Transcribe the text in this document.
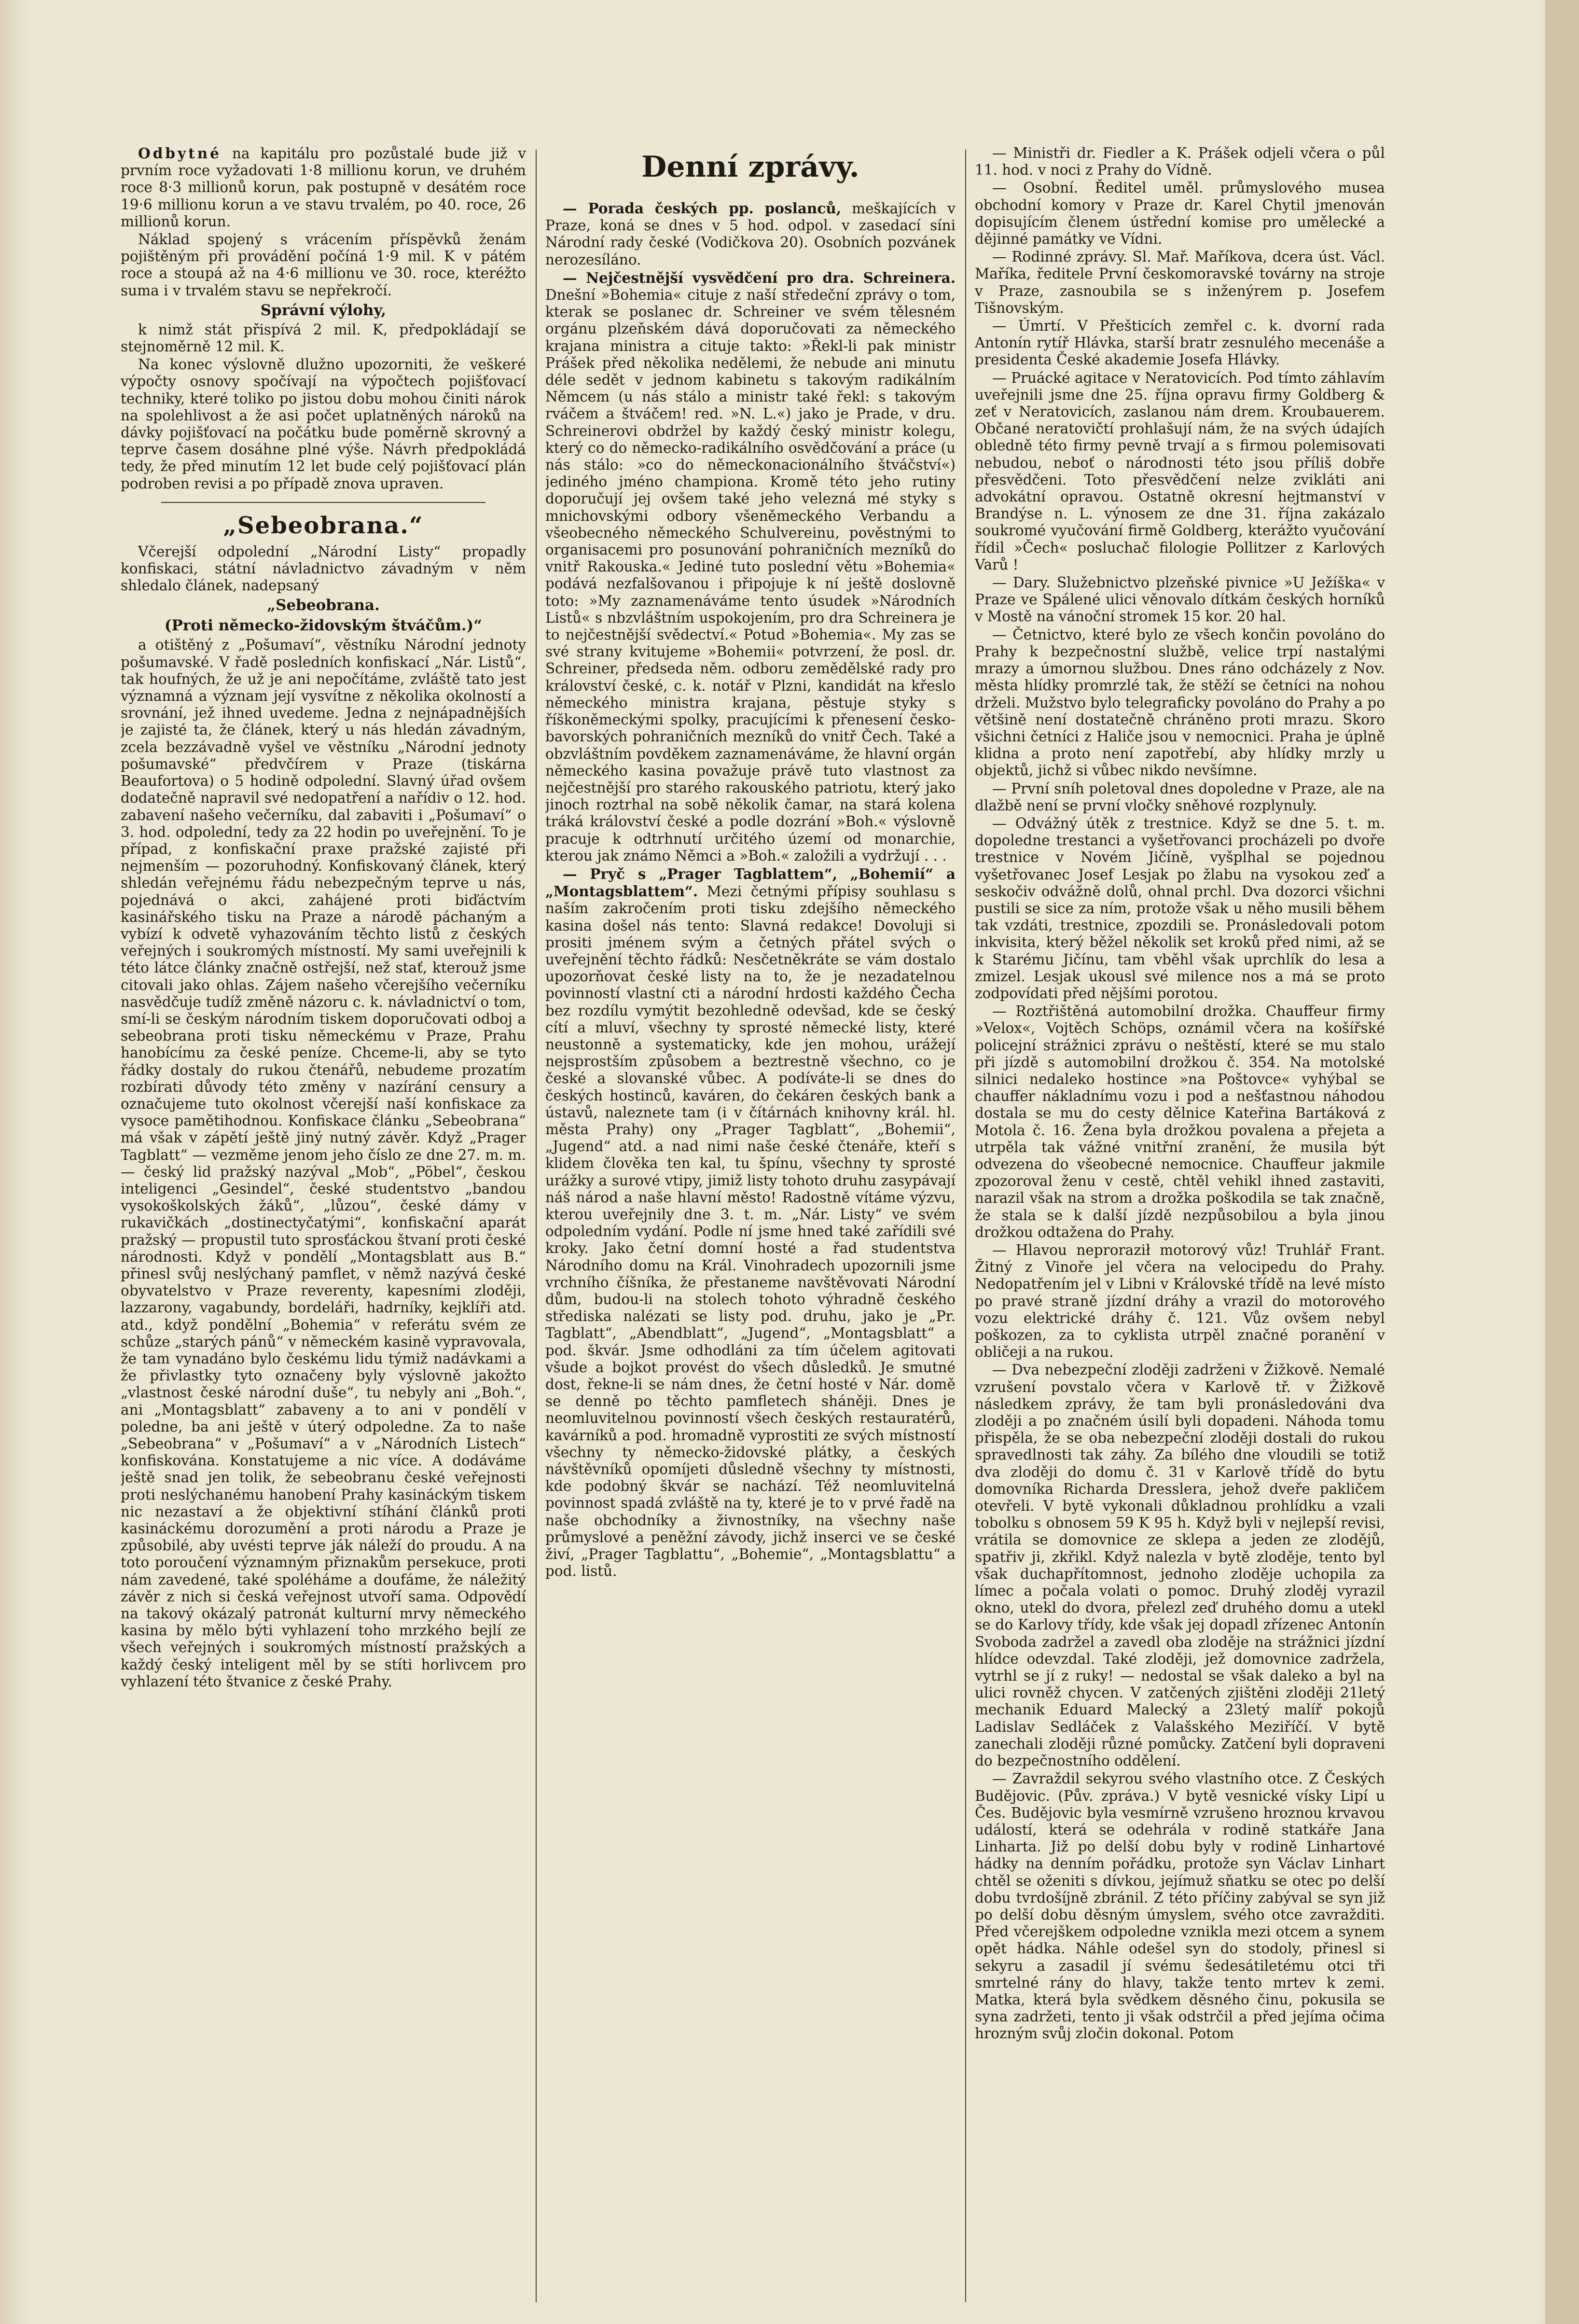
Odbytné na kapitálu pro pozůstalé bude již v prvním roce vyžadovati 1·8 millionu korun, ve druhém roce 8·3 millionů korun, pak postupně v desátém roce 19·6 millionu korun a ve stavu trvalém, po 40. roce, 26 millionů korun.

Náklad spojený s vrácením příspěvků ženám pojištěným při provádění počíná 1·9 mil. K v pátém roce a stoupá až na 4·6 millionu ve 30. roce, kteréžto suma i v trvalém stavu se nepřekročí.

Správní výlohy,

k nimž stát přispívá 2 mil. K, předpokládají se stejnoměrně 12 mil. K.

Na konec výslovně dlužno upozorniti, že veškeré výpočty osnovy spočívají na výpočtech pojišťovací techniky, které toliko po jistou dobu mohou činiti nárok na spolehlivost a že asi počet uplatněných nároků na dávky pojišťovací na počátku bude poměrně skrovný a teprve časem dosáhne plné výše. Návrh předpokládá tedy, že před minutím 12 let bude celý pojišťovací plán podroben revisi a po případě znova upraven.

„Sebeobrana.“

Včerejší odpolední „Národní Listy“ propadly konfiskaci, státní návladnictvo závadným v něm shledalo článek, nadepsaný

„Sebeobrana.
(Proti německo-židovským štváčům.)“

a otištěný z „Pošumaví“, věstníku Národní jednoty pošumavské. V řadě posledních konfiskací „Nár. Listů“, tak houfných, že už je ani nepočítáme, zvláště tato jest významná a význam její vysvítne z několika okolností a srovnání, jež ihned uvedeme. Jedna z nejnápadnějších je zajisté ta, že článek, který u nás hledán závadným, zcela bezzávadně vyšel ve věstníku „Národní jednoty pošumavské“ předvčírem v Praze (tiskárna Beaufortova) o 5 hodině odpolední. Slavný úřad ovšem dodatečně napravil své nedopatření a nařídiv o 12. hod. zabavení našeho večerníku, dal zabaviti i „Pošumaví“ o 3. hod. odpolední, tedy za 22 hodin po uveřejnění. To je případ, z konfiskační praxe pražské zajisté při nejmenším — pozoruhodný. Konfiskovaný článek, který shledán veřejnému řádu nebezpečným teprve u nás, pojednává o akci, zahájené proti biďáctvím kasinářského tisku na Praze a národě páchaným a vybízí k odvetě vyhazováním těchto listů z českých veřejných i soukromých místností. My sami uveřejnili k této látce články značně ostřejší, než stať, kterouž jsme citovali jako ohlas. Zájem našeho včerejšího večerníku nasvědčuje tudíž změně názoru c. k. návladnictví o tom, smí-li se českým národním tiskem doporučovati odboj a sebeobrana proti tisku německému v Praze, Prahu hanobícímu za české peníze. Chceme-li, aby se tyto řádky dostaly do rukou čtenářů, nebudeme prozatím rozbírati důvody této změny v nazírání censury a označujeme tuto okolnost včerejší naší konfiskace za vysoce pamětihodnou. Konfiskace článku „Sebeobrana“ má však v zápětí ještě jiný nutný závěr. Když „Prager Tagblatt“ — vezměme jenom jeho číslo ze dne 27. m. m. — český lid pražský nazýval „Mob“, „Pöbel“, českou inteligenci „Gesindel“, české studentstvo „bandou vysokoškolských žáků“, „lůzou“, české dámy v rukavičkách „dostinectyčatými“, konfiskační aparát pražský — propustil tuto sprosťáckou štvaní proti české národnosti. Když v pondělí „Montagsblatt aus B.“ přinesl svůj neslýchaný pamflet, v němž nazývá české obyvatelstvo v Praze reverenty, kapesními zloději, lazzarony, vagabundy, bordeláři, hadrníky, kejklíři atd. atd., když pondělní „Bohemia“ v referátu svém ze schůze „starých pánů“ v německém kasině vypravovala, že tam vynadáno bylo českému lidu týmiž nadávkami a že přivlastky tyto označeny byly výslovně jakožto „vlastnost české národní duše“, tu nebyly ani „Boh.“, ani „Montagsblatt“ zabaveny a to ani v pondělí v poledne, ba ani ještě v úterý odpoledne. Za to naše „Sebeobrana“ v „Pošumaví“ a v „Národních Listech“ konfiskována. Konstatujeme a nic více. A dodáváme ještě snad jen tolik, že sebeobranu české veřejnosti proti neslýchanému hanobení Prahy kasináckým tiskem nic nezastaví a že objektivní stíhání článků proti kasináckému dorozumění a proti národu a Praze je způsobilé, aby uvésti teprve ják náleží do proudu. A na toto poroučení významným přiznakům persekuce, proti nám zavedené, také spoléháme a doufáme, že náležitý závěr z nich si česká veřejnost utvoří sama. Odpovědí na takový okázalý patronát kulturní mrvy německého kasina by mělo býti vyhlazení toho mrzkého bejlí ze všech veřejných i soukromých místností pražských a každý český inteligent měl by se stíti horlivcem pro vyhlazení této štvanice z české Prahy.

Denní zprávy.

— Porada českých pp. poslanců, meškajících v Praze, koná se dnes v 5 hod. odpol. v zasedací síni Národní rady české (Vodičkova 20). Osobních pozvánek nerozesíláno.

— Nejčestnější vysvědčení pro dra. Schreinera. Dnešní »Bohemia« cituje z naší středeční zprávy o tom, kterak se poslanec dr. Schreiner ve svém tělesném orgánu plzeňském dává doporučovati za německého krajana ministra a cituje takto: »Řekl-li pak ministr Prášek před několika nedělemi, že nebude ani minutu déle sedět v jednom kabinetu s takovým radikálním Němcem (u nás stálo a ministr také řekl: s takovým rváčem a štváčem! red. »N. L.«) jako je Prade, v dru. Schreinerovi obdržel by každý český ministr kolegu, který co do německo-radikálního osvědčování a práce (u nás stálo: »co do německonacionálního štváčství«) jediného jméno championa. Kromě této jeho rutiny doporučují jej ovšem také jeho velezná mé styky s mnichovskými odbory všeněmeckého Verbandu a všeobecného německého Schulvereinu, pověstnými to organisacemi pro posunování pohraničních mezníků do vnitř Rakouska.« Jediné tuto poslední větu »Bohemia« podává nezfalšovanou i připojuje k ní ještě doslovně toto: »My zaznamenáváme tento úsudek »Národních Listů« s nbzvláštním uspokojením, pro dra Schreinera je to nejčestnější svědectví.« Potud »Bohemia«. My zas se své strany kvitujeme »Bohemii« potvrzení, že posl. dr. Schreiner, předseda něm. odboru zemědělské rady pro království české, c. k. notář v Plzni, kandidát na křeslo německého ministra krajana, pěstuje styky s říškoněmeckými spolky, pracujícími k přenesení česko-bavorských pohraničních mezníků do vnitř Čech. Také a obzvláštním povděkem zaznamenáváme, že hlavní orgán německého kasina považuje právě tuto vlastnost za nejčestnější pro starého rakouského patriotu, který jako jinoch roztrhal na sobě několik čamar, na stará kolena tráká království české a podle dozrání »Boh.« výslovně pracuje k odtrhnutí určitého území od monarchie, kterou jak známo Němci a »Boh.« založili a vydržují . . .

— Pryč s „Prager Tagblattem“, „Bohemií“ a „Montagsblattem“. Mezi četnými přípisy souhlasu s naším zakročením proti tisku zdejšího německého kasina došel nás tento: Slavná redakce! Dovoluji si prositi jménem svým a četných přátel svých o uveřejnění těchto řádků: Nesčetněkráte se vám dostalo upozorňovat české listy na to, že je nezadatelnou povinností vlastní cti a národní hrdosti každého Čecha bez rozdílu vymýtit bezohledně odevšad, kde se český cítí a mluví, všechny ty sprosté německé listy, které neustonně a systematicky, kde jen mohou, urážejí nejsprostším způsobem a beztrestně všechno, co je české a slovanské vůbec. A podíváte-li se dnes do českých hostinců, kaváren, do čekáren českých bank a ústavů, naleznete tam (i v čítárnách knihovny král. hl. města Prahy) ony „Prager Tagblatt“, „Bohemii“, „Jugend“ atd. a nad nimi naše české čtenáře, kteří s klidem člověka ten kal, tu špínu, všechny ty sprosté urážky a surové vtipy, jimiž listy tohoto druhu zasypávají náš národ a naše hlavní město! Radostně vítáme výzvu, kterou uveřejnily dne 3. t. m. „Nár. Listy“ ve svém odpoledním vydání. Podle ní jsme hned také zařídili své kroky. Jako četní domní hosté a řad studentstva Národního domu na Král. Vinohradech upozornili jsme vrchního číšníka, že přestaneme navštěvovati Národní dům, budou-li na stolech tohoto výhradně českého střediska nalézati se listy pod. druhu, jako je „Pr. Tagblatt“, „Abendblatt“, „Jugend“, „Montagsblatt“ a pod. škvár. Jsme odhodláni za tím účelem agitovati všude a bojkot provést do všech důsledků. Je smutné dost, řekne-li se nám dnes, že četní hosté v Nár. domě se denně po těchto pamfletech sháněji. Dnes je neomluvitelnou povinností všech českých restauratérů, kavárníků a pod. hromadně vyprostiti ze svých místností všechny ty německo-židovské plátky, a českých návštěvníků opomíjeti důsledně všechny ty místnosti, kde podobný škvár se nachází. Též neomluvitelná povinnost spadá zvláště na ty, které je to v prvé řadě na naše obchodníky a živnostníky, na všechny naše průmyslové a peněžní závody, jichž inserci ve se české živí, „Prager Tagblattu“, „Bohemie“, „Montagsblattu“ a pod. listů.

— Ministři dr. Fiedler a K. Prášek odjeli včera o půl 11. hod. v noci z Prahy do Vídně.

— Osobní. Ředitel uměl. průmyslového musea obchodní komory v Praze dr. Karel Chytil jmenován dopisujícím členem ústřední komise pro umělecké a dějinné památky ve Vídni.

— Rodinné zprávy. Sl. Mař. Maříkova, dcera úst. Václ. Maříka, ředitele První českomoravské továrny na stroje v Praze, zasnoubila se s inženýrem p. Josefem Tišnovským.

— Úmrtí. V Přešticích zemřel c. k. dvorní rada Antonín rytíř Hlávka, starší bratr zesnulého mecenáše a presidenta České akademie Josefa Hlávky.

— Pruácké agitace v Neratovicích. Pod tímto záhlavím uveřejnili jsme dne 25. října opravu firmy Goldberg & zeť v Neratovicích, zaslanou nám drem. Kroubauerem. Občané neratovičtí prohlašují nám, že na svých údajích obledně této firmy pevně trvají a s firmou polemisovati nebudou, neboť o národnosti této jsou příliš dobře přesvědčeni. Toto přesvědčení nelze zvikláti ani advokátní opravou. Ostatně okresní hejtmanství v Brandýse n. L. výnosem ze dne 31. října zakázalo soukromé vyučování firmě Goldberg, kterážto vyučování řídil »Čech« posluchač filologie Pollitzer z Karlových Varů !

— Dary. Služebnictvo plzeňské pivnice »U Ježíška« v Praze ve Spálené ulici věnovalo dítkám českých horníků v Mostě na vánoční stromek 15 kor. 20 hal.

— Četnictvo, které bylo ze všech končin povoláno do Prahy k bezpečnostní službě, velice trpí nastalými mrazy a úmornou službou. Dnes ráno odcházely z Nov. města hlídky promrzlé tak, že stěží se četníci na nohou drželi. Mužstvo bylo telegraficky povoláno do Prahy a po většině není dostatečně chráněno proti mrazu. Skoro všichni četníci z Haliče jsou v nemocnici. Praha je úplně klidna a proto není zapotřebí, aby hlídky mrzly u objektů, jichž si vůbec nikdo nevšímne.

— První sníh poletoval dnes dopoledne v Praze, ale na dlažbě není se první vločky sněhové rozplynuly.

— Odvážný útěk z trestnice. Když se dne 5. t. m. dopoledne trestanci a vyšetřovanci procházeli po dvoře trestnice v Novém Jičíně, vyšplhal se pojednou vyšetřovanec Josef Lesjak po žlabu na vysokou zeď a seskočiv odvážně dolů, ohnal prchl. Dva dozorci všichni pustili se sice za ním, protože však u něho musili během tak vzdáti, trestnice, zpozdili se. Pronásledovali potom inkvisita, který běžel několik set kroků před nimi, až se k Starému Jičínu, tam vběhl však uprchlík do lesa a zmizel. Lesjak ukousl své milence nos a má se proto zodpovídati před nějšími porotou.

— Roztřištěná automobilní drožka. Chauffeur firmy »Velox«, Vojtěch Schöps, oznámil včera na košířské policejní strážnici zprávu o neštěstí, které se mu stalo při jízdě s automobilní drožkou č. 354. Na motolské silnici nedaleko hostince »na Poštovce« vyhýbal se chauffer nákladnímu vozu i pod a nešťastnou náhodou dostala se mu do cesty dělnice Kateřina Bartáková z Motola č. 16. Žena byla drožkou povalena a přejeta a utrpěla tak vážné vnitřní zranění, že musila být odvezena do všeobecné nemocnice. Chauffeur jakmile zpozoroval ženu v cestě, chtěl vehikl ihned zastaviti, narazil však na strom a drožka poškodila se tak značně, že stala se k další jízdě nezpůsobilou a byla jinou drožkou odtažena do Prahy.

— Hlavou neproraził motorový vůz! Truhlář Frant. Žitný z Vinoře jel včera na velocipedu do Prahy. Nedopatřením jel v Libni v Královské třídě na levé místo po pravé straně jízdní dráhy a vrazil do motorového vozu elektrické dráhy č. 121. Vůz ovšem nebyl poškozen, za to cyklista utrpěl značné poranění v obličeji a na rukou.

— Dva nebezpeční zloději zadrženi v Žižkově. Nemalé vzrušení povstalo včera v Karlově tř. v Žižkově následkem zprávy, že tam byli pronásledováni dva zloději a po značném úsilí byli dopadeni. Náhoda tomu přispěla, že se oba nebezpeční zloději dostali do rukou spravedlnosti tak záhy. Za bílého dne vloudili se totiž dva zloději do domu č. 31 v Karlově třídě do bytu domovníka Richarda Dresslera, jehož dveře pakličem otevřeli. V bytě vykonali důkladnou prohlídku a vzali tobolku s obnosem 59 K 95 h. Když byli v nejlepší revisi, vrátila se domovnice ze sklepa a jeden ze zlodějů, spatřiv ji, zkřikl. Když nalezla v bytě zloděje, tento byl však duchapřítomnost, jednoho zloděje uchopila za límec a počala volati o pomoc. Druhý zloděj vyrazil okno, utekl do dvora, přelezl zeď druhého domu a utekl se do Karlovy třídy, kde však jej dopadl zřízenec Antonín Svoboda zadržel a zavedl oba zloděje na strážnici jízdní hlídce odevzdal. Také zloději, jež domovnice zadržela, vytrhl se jí z ruky! — nedostal se však daleko a byl na ulici rovněž chycen. V zatčených zjištěni zloději 21letý mechanik Eduard Malecký a 23letý malíř pokojů Ladislav Sedláček z Valašského Meziříčí. V bytě zanechali zloději různé pomůcky. Zatčení byli dopraveni do bezpečnostního oddělení.

— Zavraždil sekyrou svého vlastního otce. Z Českých Budějovic. (Pův. zpráva.) V bytě vesnické vísky Lipí u Čes. Budějovic byla vesmírně vzrušeno hroznou krvavou událostí, která se odehrála v rodině statkáře Jana Linharta. Již po delší dobu byly v rodině Linhartové hádky na denním pořádku, protože syn Václav Linhart chtěl se oženiti s dívkou, jejímuž sňatku se otec po delší dobu tvrdošíjně zbránil. Z této příčiny zabýval se syn již po delší dobu děsným úmyslem, svého otce zavražditi. Před včerejškem odpoledne vznikla mezi otcem a synem opět hádka. Náhle odešel syn do stodoly, přinesl si sekyru a zasadil jí svému šedesátiletému otci tři smrtelné rány do hlavy, takže tento mrtev k zemi. Matka, která byla svědkem děsného činu, pokusila se syna zadržeti, tento ji však odstrčil a před jejíma očima hrozným svůj zločin dokonal. Potom
